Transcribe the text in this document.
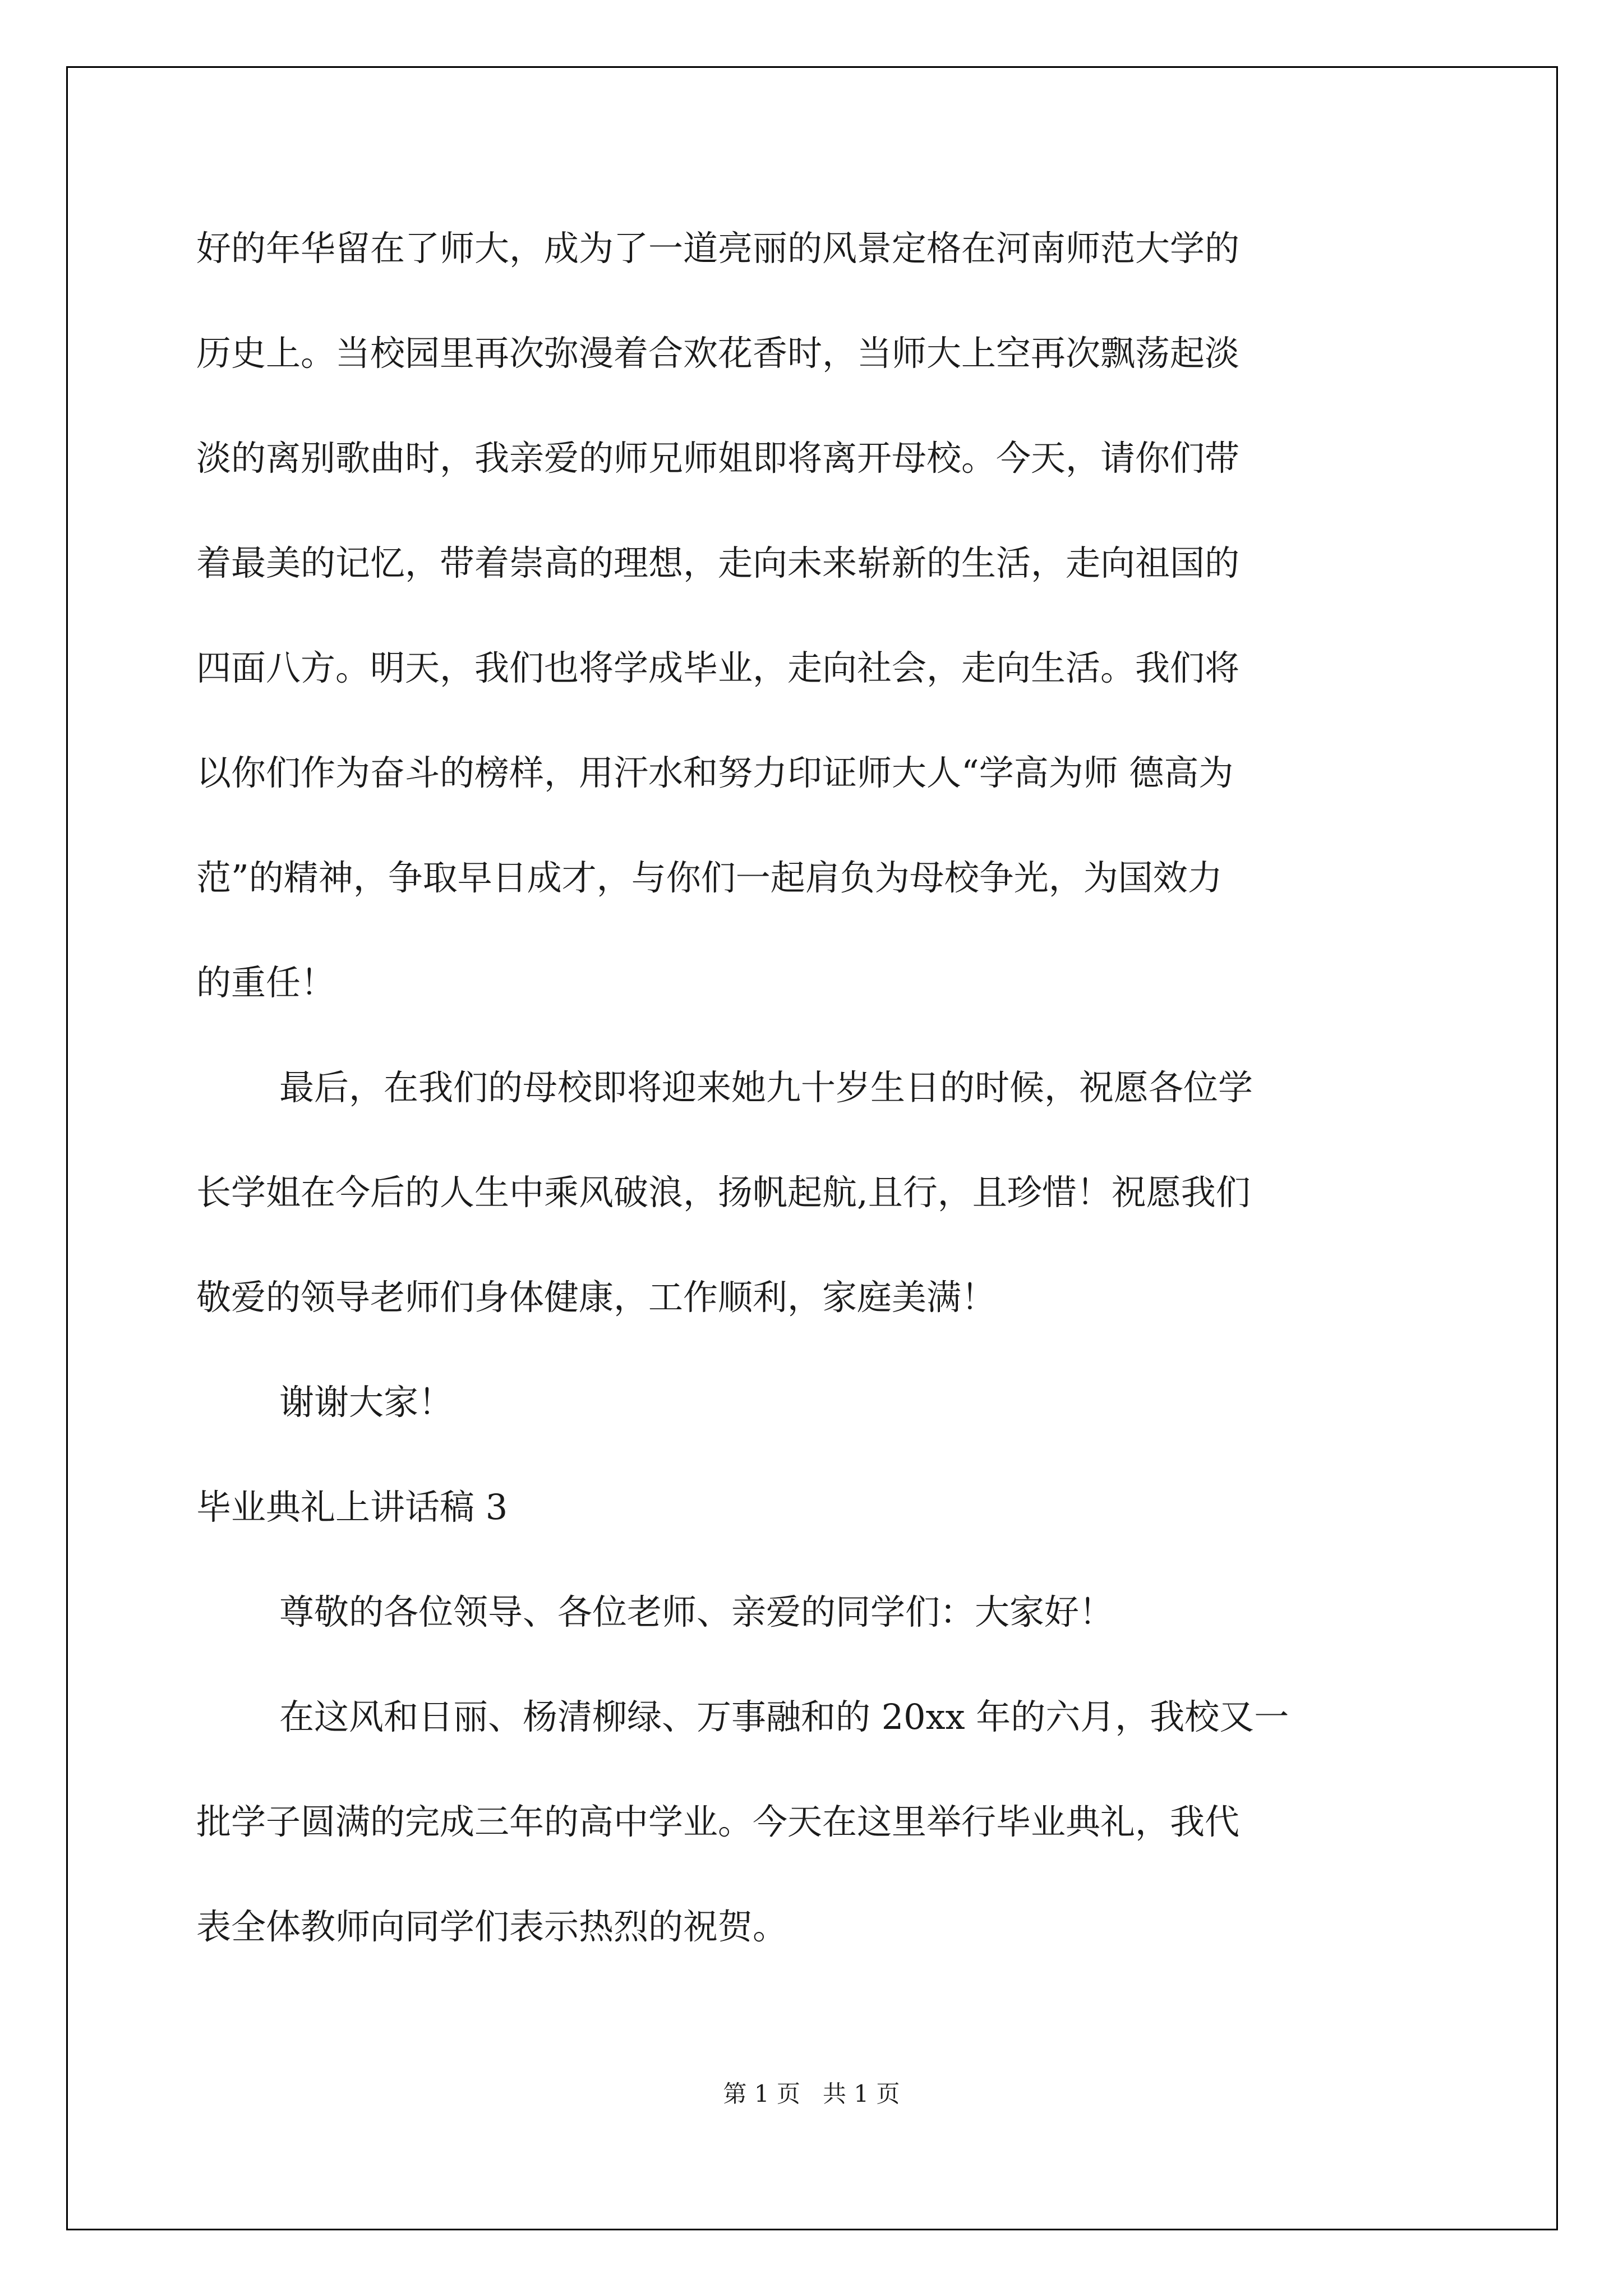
好的年华留在了师大，成为了一道亮丽的风景定格在河南师范大学的
历史上。当校园里再次弥漫着合欢花香时，当师大上空再次飘荡起淡
淡的离别歌曲时，我亲爱的师兄师姐即将离开母校。今天，请你们带
着最美的记忆，带着崇高的理想，走向未来崭新的生活，走向祖国的
四面八方。明天，我们也将学成毕业，走向社会，走向生活。我们将
以你们作为奋斗的榜样，用汗水和努力印证师大人“学高为师 德高为
范”的精神，争取早日成才，与你们一起肩负为母校争光，为国效力
的重任！
最后，在我们的母校即将迎来她九十岁生日的时候，祝愿各位学
长学姐在今后的人生中乘风破浪，扬帆起航,且行，且珍惜！祝愿我们
敬爱的领导老师们身体健康，工作顺利，家庭美满！
谢谢大家！
毕业典礼上讲话稿 3
尊敬的各位领导、各位老师、亲爱的同学们：大家好！
在这风和日丽、杨清柳绿、万事融和的 20xx 年的六月，我校又一
批学子圆满的完成三年的高中学业。今天在这里举行毕业典礼，我代
表全体教师向同学们表示热烈的祝贺。
第 1 页   共 1 页
